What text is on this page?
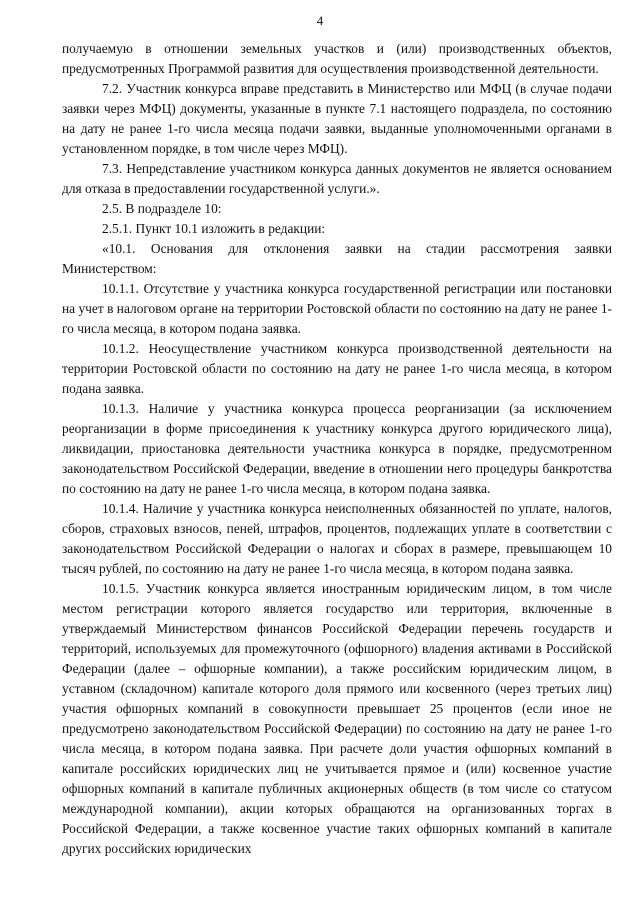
4

получаемую в отношении земельных участков и (или) производственных объектов, предусмотренных Программой развития для осуществления производственной деятельности.

7.2. Участник конкурса вправе представить в Министерство или МФЦ (в случае подачи заявки через МФЦ) документы, указанные в пункте 7.1 настоящего подраздела, по состоянию на дату не ранее 1-го числа месяца подачи заявки, выданные уполномоченными органами в установленном порядке, в том числе через МФЦ).

7.3. Непредставление участником конкурса данных документов не является основанием для отказа в предоставлении государственной услуги.».

2.5. В подразделе 10:

2.5.1. Пункт 10.1 изложить в редакции:

«10.1. Основания для отклонения заявки на стадии рассмотрения заявки Министерством:

10.1.1. Отсутствие у участника конкурса государственной регистрации или постановки на учет в налоговом органе на территории Ростовской области по состоянию на дату не ранее 1-го числа месяца, в котором подана заявка.

10.1.2. Неосуществление участником конкурса производственной деятельности на территории Ростовской области по состоянию на дату не ранее 1-го числа месяца, в котором подана заявка.

10.1.3. Наличие у участника конкурса процесса реорганизации (за исключением реорганизации в форме присоединения к участнику конкурса другого юридического лица), ликвидации, приостановка деятельности участника конкурса в порядке, предусмотренном законодательством Российской Федерации, введение в отношении него процедуры банкротства по состоянию на дату не ранее 1-го числа месяца, в котором подана заявка.

10.1.4. Наличие у участника конкурса неисполненных обязанностей по уплате, налогов, сборов, страховых взносов, пеней, штрафов, процентов, подлежащих уплате в соответствии с законодательством Российской Федерации о налогах и сборах в размере, превышающем 10 тысяч рублей, по состоянию на дату не ранее 1-го числа месяца, в котором подана заявка.

10.1.5. Участник конкурса является иностранным юридическим лицом, в том числе местом регистрации которого является государство или территория, включенные в утверждаемый Министерством финансов Российской Федерации перечень государств и территорий, используемых для промежуточного (офшорного) владения активами в Российской Федерации (далее – офшорные компании), а также российским юридическим лицом, в уставном (складочном) капитале которого доля прямого или косвенного (через третьих лиц) участия офшорных компаний в совокупности превышает 25 процентов (если иное не предусмотрено законодательством Российской Федерации) по состоянию на дату не ранее 1-го числа месяца, в котором подана заявка. При расчете доли участия офшорных компаний в капитале российских юридических лиц не учитывается прямое и (или) косвенное участие офшорных компаний в капитале публичных акционерных обществ (в том числе со статусом международной компании), акции которых обращаются на организованных торгах в Российской Федерации, а также косвенное участие таких офшорных компаний в капитале других российских юридических
